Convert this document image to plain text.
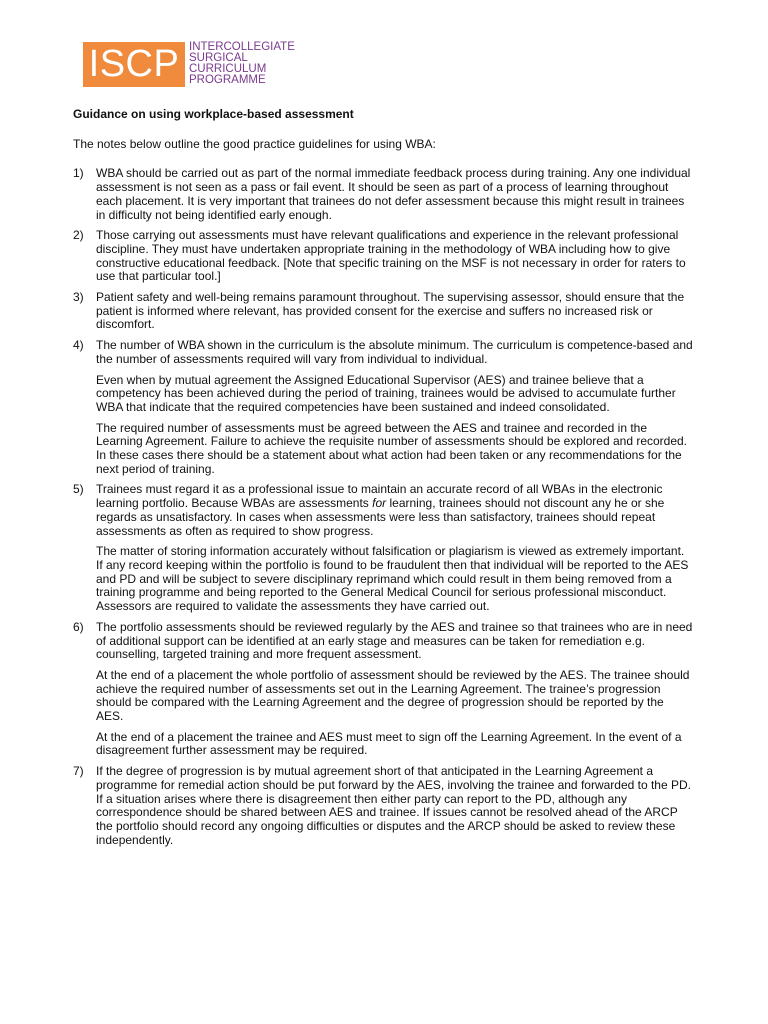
ISCP INTERCOLLEGIATE
SURGICAL
CURRICULUM
PROGRAMME

Guidance on using workplace-based assessment

The notes below outline the good practice guidelines for using WBA:

1) WBA should be carried out as part of the normal immediate feedback process during training. Any one individual assessment is not seen as a pass or fail event. It should be seen as part of a process of learning throughout each placement. It is very important that trainees do not defer assessment because this might result in trainees in difficulty not being identified early enough.

2) Those carrying out assessments must have relevant qualifications and experience in the relevant professional discipline. They must have undertaken appropriate training in the methodology of WBA including how to give constructive educational feedback. [Note that specific training on the MSF is not necessary in order for raters to use that particular tool.]

3) Patient safety and well-being remains paramount throughout. The supervising assessor, should ensure that the patient is informed where relevant, has provided consent for the exercise and suffers no increased risk or discomfort.

4) The number of WBA shown in the curriculum is the absolute minimum. The curriculum is competence-based and the number of assessments required will vary from individual to individual.

Even when by mutual agreement the Assigned Educational Supervisor (AES) and trainee believe that a competency has been achieved during the period of training, trainees would be advised to accumulate further WBA that indicate that the required competencies have been sustained and indeed consolidated.

The required number of assessments must be agreed between the AES and trainee and recorded in the Learning Agreement. Failure to achieve the requisite number of assessments should be explored and recorded. In these cases there should be a statement about what action had been taken or any recommendations for the next period of training.

5) Trainees must regard it as a professional issue to maintain an accurate record of all WBAs in the electronic learning portfolio. Because WBAs are assessments for learning, trainees should not discount any he or she regards as unsatisfactory. In cases when assessments were less than satisfactory, trainees should repeat assessments as often as required to show progress.

The matter of storing information accurately without falsification or plagiarism is viewed as extremely important. If any record keeping within the portfolio is found to be fraudulent then that individual will be reported to the AES and PD and will be subject to severe disciplinary reprimand which could result in them being removed from a training programme and being reported to the General Medical Council for serious professional misconduct. Assessors are required to validate the assessments they have carried out.

6) The portfolio assessments should be reviewed regularly by the AES and trainee so that trainees who are in need of additional support can be identified at an early stage and measures can be taken for remediation e.g. counselling, targeted training and more frequent assessment.

At the end of a placement the whole portfolio of assessment should be reviewed by the AES. The trainee should achieve the required number of assessments set out in the Learning Agreement. The trainee’s progression should be compared with the Learning Agreement and the degree of progression should be reported by the AES.

At the end of a placement the trainee and AES must meet to sign off the Learning Agreement. In the event of a disagreement further assessment may be required.

7) If the degree of progression is by mutual agreement short of that anticipated in the Learning Agreement a programme for remedial action should be put forward by the AES, involving the trainee and forwarded to the PD. If a situation arises where there is disagreement then either party can report to the PD, although any correspondence should be shared between AES and trainee. If issues cannot be resolved ahead of the ARCP the portfolio should record any ongoing difficulties or disputes and the ARCP should be asked to review these independently.
